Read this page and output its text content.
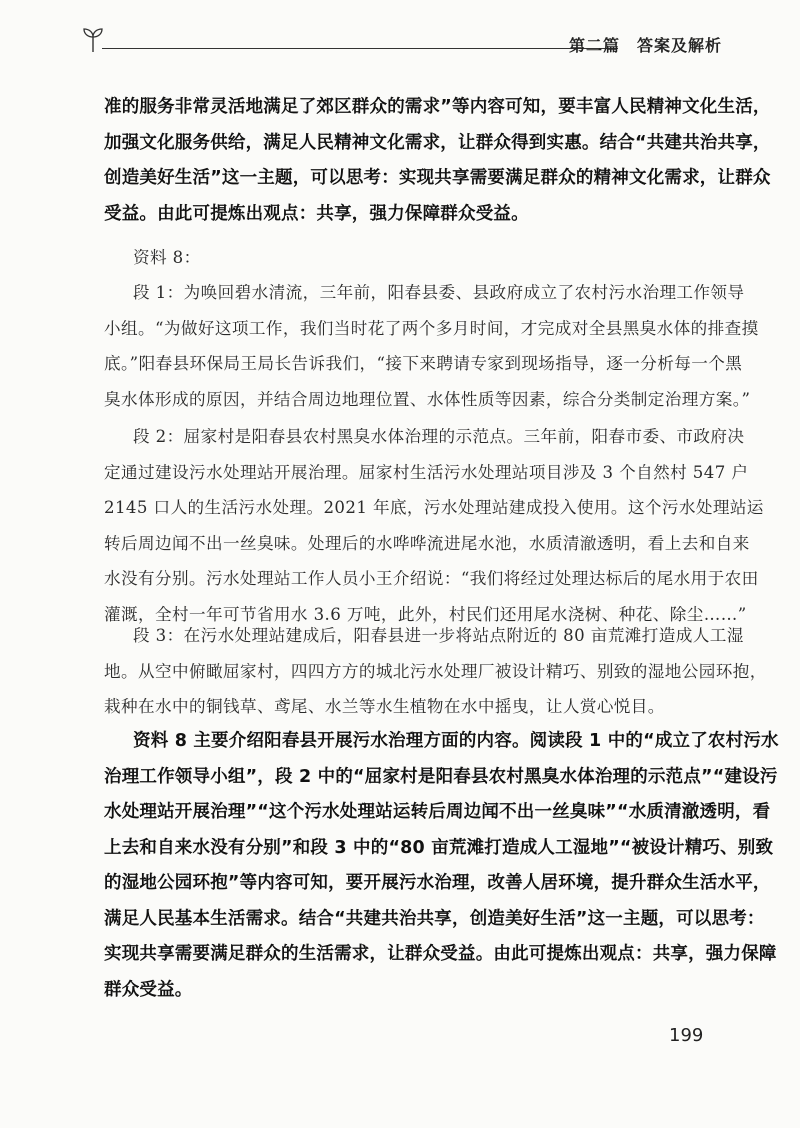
第二篇　答案及解析
准的服务非常灵活地满足了郊区群众的需求”等内容可知，要丰富人民精神文化生活，
加强文化服务供给，满足人民精神文化需求，让群众得到实惠。结合“共建共治共享，
创造美好生活”这一主题，可以思考：实现共享需要满足群众的精神文化需求，让群众
受益。由此可提炼出观点：共享，强力保障群众受益。
资料 8：
段 1：为唤回碧水清流，三年前，阳春县委、县政府成立了农村污水治理工作领导
小组。“为做好这项工作，我们当时花了两个多月时间，才完成对全县黑臭水体的排查摸
底。”阳春县环保局王局长告诉我们，“接下来聘请专家到现场指导，逐一分析每一个黑
臭水体形成的原因，并结合周边地理位置、水体性质等因素，综合分类制定治理方案。”
段 2：屈家村是阳春县农村黑臭水体治理的示范点。三年前，阳春市委、市政府决
定通过建设污水处理站开展治理。屈家村生活污水处理站项目涉及 3 个自然村 547 户
2145 口人的生活污水处理。2021 年底，污水处理站建成投入使用。这个污水处理站运
转后周边闻不出一丝臭味。处理后的水哗哗流进尾水池，水质清澈透明，看上去和自来
水没有分别。污水处理站工作人员小王介绍说：“我们将经过处理达标后的尾水用于农田
灌溉，全村一年可节省用水 3.6 万吨，此外，村民们还用尾水浇树、种花、除尘……”
段 3：在污水处理站建成后，阳春县进一步将站点附近的 80 亩荒滩打造成人工湿
地。从空中俯瞰屈家村，四四方方的城北污水处理厂被设计精巧、别致的湿地公园环抱，
栽种在水中的铜钱草、鸢尾、水兰等水生植物在水中摇曳，让人赏心悦目。
资料 8 主要介绍阳春县开展污水治理方面的内容。阅读段 1 中的“成立了农村污水
治理工作领导小组”，段 2 中的“屈家村是阳春县农村黑臭水体治理的示范点”“建设污
水处理站开展治理”“这个污水处理站运转后周边闻不出一丝臭味”“水质清澈透明，看
上去和自来水没有分别”和段 3 中的“80 亩荒滩打造成人工湿地”“被设计精巧、别致
的湿地公园环抱”等内容可知，要开展污水治理，改善人居环境，提升群众生活水平，
满足人民基本生活需求。结合“共建共治共享，创造美好生活”这一主题，可以思考：
实现共享需要满足群众的生活需求，让群众受益。由此可提炼出观点：共享，强力保障
群众受益。
199
